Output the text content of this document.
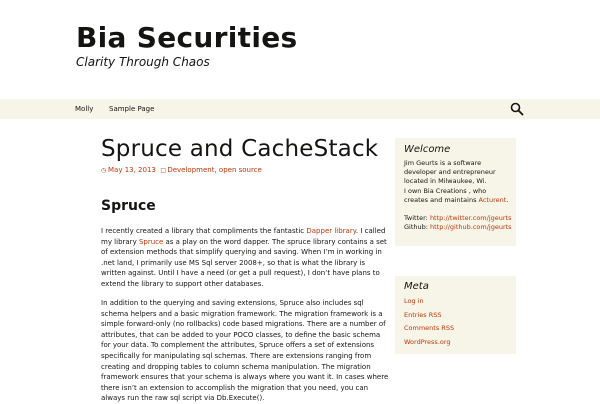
Bia Securities

Clarity Through Chaos

Molly Sample Page
Spruce and CacheStack
◷ May 13, 2013 □Development, open source
Spruce

I recently created a library that compliments the fantastic Dapper library. I called my library Spruce as a play on the word dapper. The spruce library contains a set of extension methods that simplify querying and saving. When I’m in working in .net land, I primarily use MS Sql server 2008+, so that is what the library is written against. Until I have a need (or get a pull request), I don’t have plans to extend the library to support other databases.

In addition to the querying and saving extensions, Spruce also includes sql schema helpers and a basic migration framework. The migration framework is a simple forward-only (no rollbacks) code based migrations. There are a number of attributes, that can be added to your POCO classes, to define the basic schema for your data. To complement the attributes, Spruce offers a set of extensions specifically for manipulating sql schemas. There are extensions ranging from creating and dropping tables to column schema manipulation. The migration framework ensures that your schema is always where you want it. In cases where there isn’t an extension to accomplish the migration that you need, you can always run the raw sql script via Db.Execute().

Welcome

Jim Geurts is a software developer and entrepreneur located in Milwaukee, Wi.

I own Bia Creations , who creates and maintains Acturent.

Twitter: http://twitter.com/jgeurts
Github: http://github.com/jgeurts

Meta
Log in
Entries RSS
Comments RSS
WordPress.org
